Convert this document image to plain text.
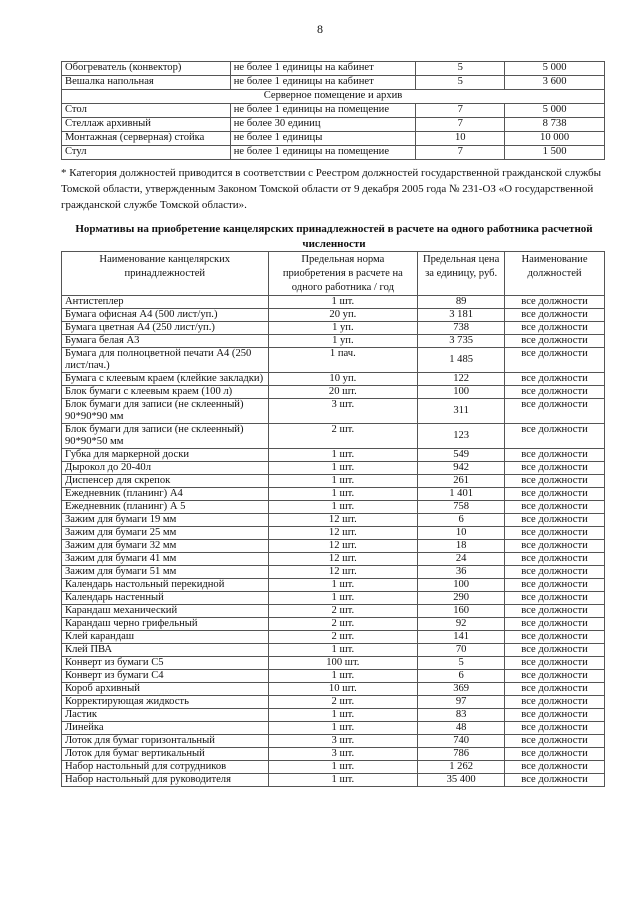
8
Обогреватель (конвектор)	не более 1 единицы на кабинет	5	5 000
Вешалка напольная	не более 1 единицы на кабинет	5	3 600
Серверное помещение и архив			
Стол	не более 1 единицы на помещение	7	5 000
Стеллаж архивный	не более 30 единиц	7	8 738
Монтажная (серверная) стойка	не более 1 единицы	10	10 000
Стул	не более 1 единицы на помещение	7	1 500
* Категория должностей приводится в соответствии с Реестром должностей государственной гражданской службы Томской области, утвержденным Законом Томской области от 9 декабря 2005 года № 231-ОЗ «О государственной гражданской службе Томской области».
Нормативы на приобретение канцелярских принадлежностей в расчете на одного работника расчетной численности
Наименование канцелярских принадлежностей	Предельная норма приобретения в расчете на одного работника / год	Предельная цена за единицу, руб.	Наименование должностей
Антистеплер	1 шт.	89	все должности
Бумага офисная А4 (500 лист/уп.)	20 уп.	3 181	все должности
Бумага цветная А4 (250 лист/уп.)	1 уп.	738	все должности
Бумага белая А3	1 уп.	3 735	все должности
Бумага для полноцветной печати А4 (250 лист/пач.)	1 пач.	1 485	все должности
Бумага с клеевым краем (клейкие закладки)	10 уп.	122	все должности
Блок бумаги с клеевым краем (100 л)	20 шт.	100	все должности
Блок бумаги для записи (не склеенный) 90*90*90 мм	3 шт.	311	все должности
Блок бумаги для записи (не склеенный) 90*90*50 мм	2 шт.	123	все должности
Губка для маркерной доски	1 шт.	549	все должности
Дырокол до 20-40л	1 шт.	942	все должности
Диспенсер для скрепок	1 шт.	261	все должности
Ежедневник (планинг) А4	1 шт.	1 401	все должности
Ежедневник (планинг) А 5	1 шт.	758	все должности
Зажим для бумаги 19 мм	12 шт.	6	все должности
Зажим для бумаги 25 мм	12 шт.	10	все должности
Зажим для бумаги 32 мм	12 шт.	18	все должности
Зажим для бумаги 41 мм	12 шт.	24	все должности
Зажим для бумаги 51 мм	12 шт.	36	все должности
Календарь настольный перекидной	1 шт.	100	все должности
Календарь настенный	1 шт.	290	все должности
Карандаш механический	2 шт.	160	все должности
Карандаш черно грифельный	2 шт.	92	все должности
Клей карандаш	2 шт.	141	все должности
Клей ПВА	1 шт.	70	все должности
Конверт из бумаги С5	100 шт.	5	все должности
Конверт из бумаги С4	1 шт.	6	все должности
Короб архивный	10 шт.	369	все должности
Корректирующая жидкость	2 шт.	97	все должности
Ластик	1 шт.	83	все должности
Линейка	1 шт.	48	все должности
Лоток для бумаг горизонтальный	3 шт.	740	все должности
Лоток для бумаг вертикальный	3 шт.	786	все должности
Набор настольный для сотрудников	1 шт.	1 262	все должности
Набор настольный для руководителя	1 шт.	35 400	все должности
